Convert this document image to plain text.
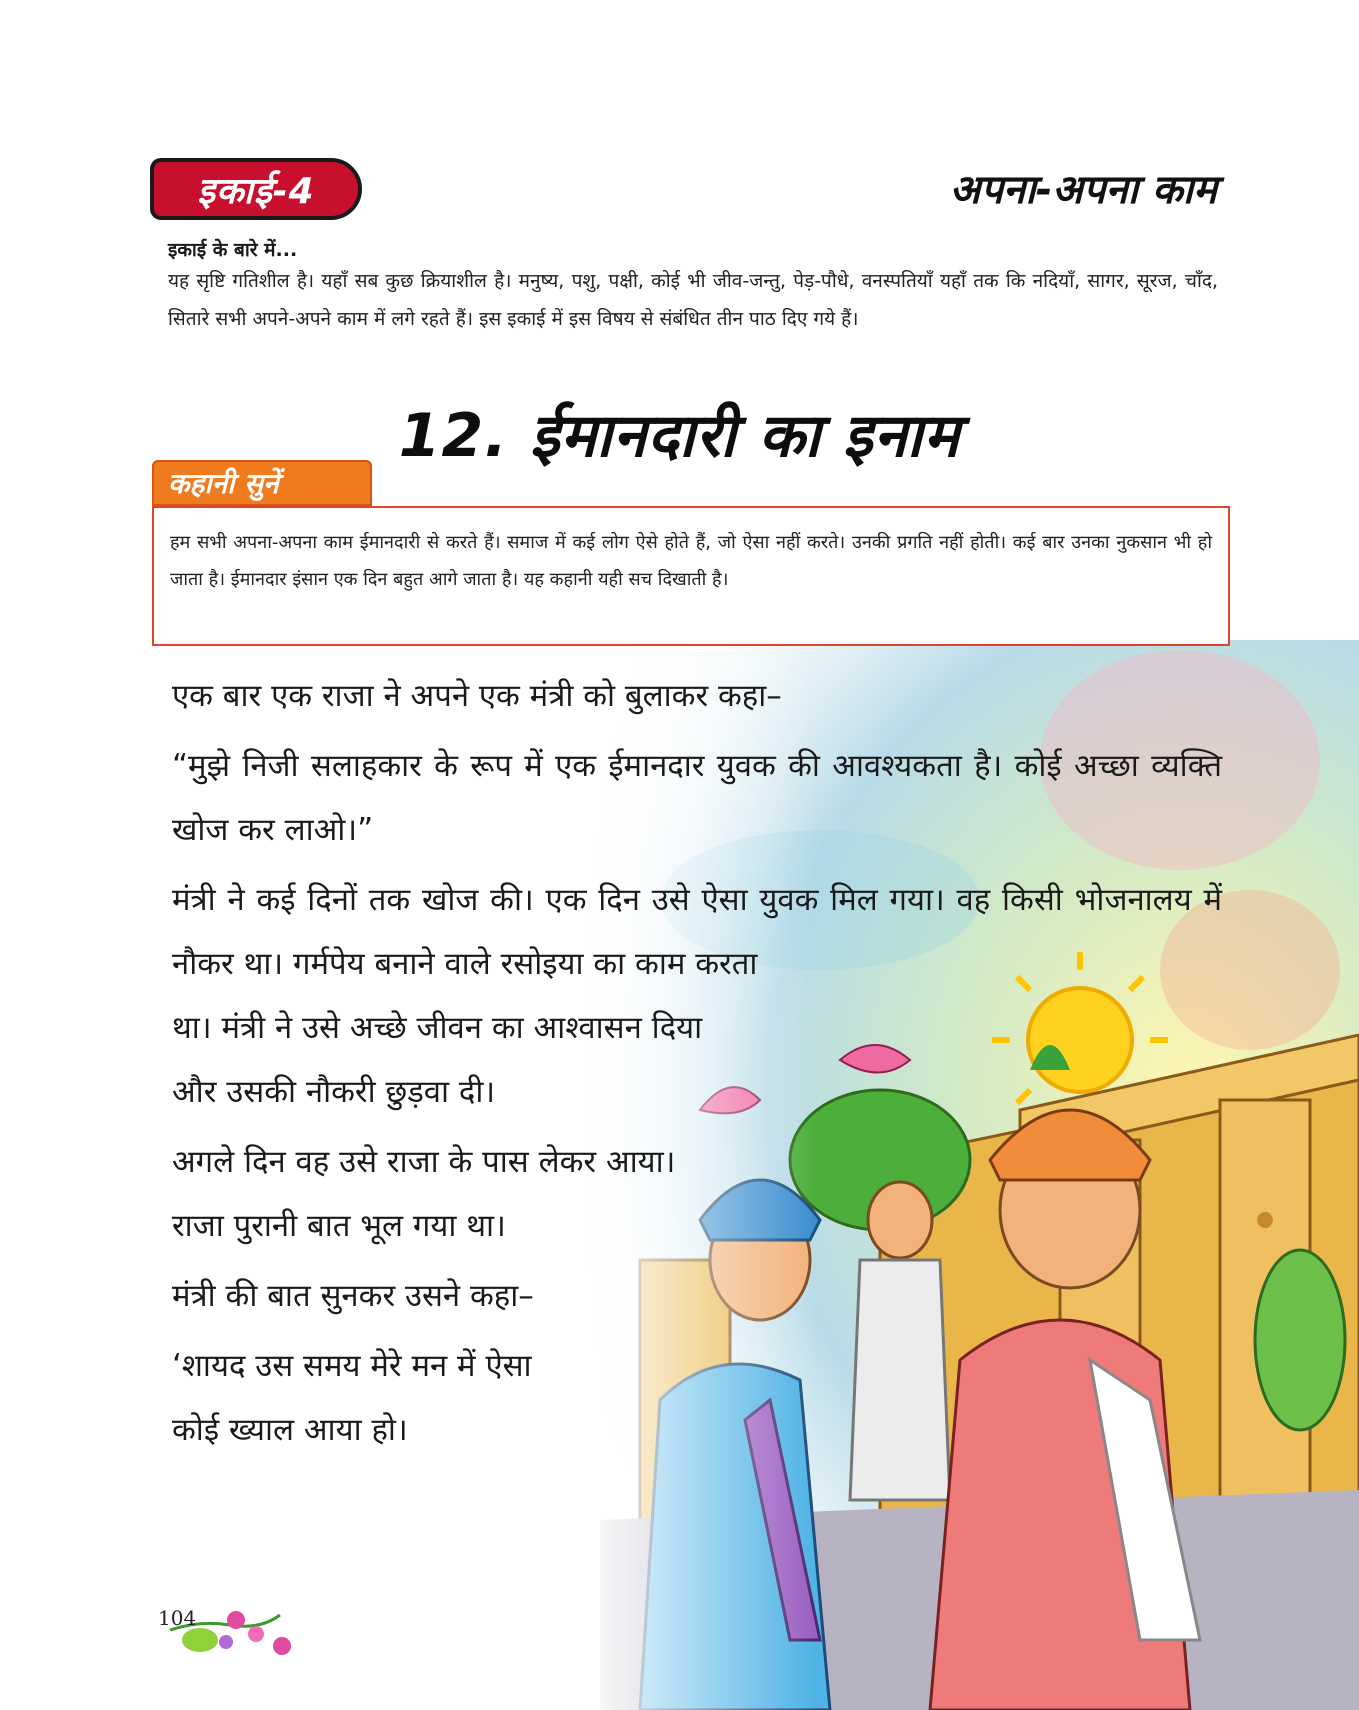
इकाई-4	अपना-अपना काम
इकाई के बारे में...
यह सृष्टि गतिशील है। यहाँ सब कुछ क्रियाशील है। मनुष्य, पशु, पक्षी, कोई भी जीव-जन्तु, पेड़-पौधे, वनस्पतियाँ यहाँ तक कि नदियाँ, सागर, सूरज, चाँद, सितारे सभी अपने-अपने काम में लगे रहते हैं। इस इकाई में इस विषय से संबंधित तीन पाठ दिए गये हैं।
12. ईमानदारी का इनाम
कहानी सुनें
हम सभी अपना-अपना काम ईमानदारी से करते हैं। समाज में कई लोग ऐसे होते हैं, जो ऐसा नहीं करते। उनकी प्रगति नहीं होती। कई बार उनका नुकसान भी हो जाता है। ईमानदार इंसान एक दिन बहुत आगे जाता है। यह कहानी यही सच दिखाती है।

एक बार एक राजा ने अपने एक मंत्री को बुलाकर कहा–

“मुझे निजी सलाहकार के रूप में एक ईमानदार युवक की आवश्यकता है। कोई अच्छा व्यक्ति खोज कर लाओ।”

मंत्री ने कई दिनों तक खोज की। एक दिन उसे ऐसा युवक मिल गया। वह किसी भोजनालय में नौकर था। गर्मपेय बनाने वाले रसोइया का काम करता

था। मंत्री ने उसे अच्छे जीवन का आश्वासन दिया

और उसकी नौकरी छुड़वा दी।

अगले दिन वह उसे राजा के पास लेकर आया। राजा पुरानी बात भूल गया था।

मंत्री की बात सुनकर उसने कहा–

‘शायद उस समय मेरे मन में ऐसा कोई ख्याल आया हो।

104
